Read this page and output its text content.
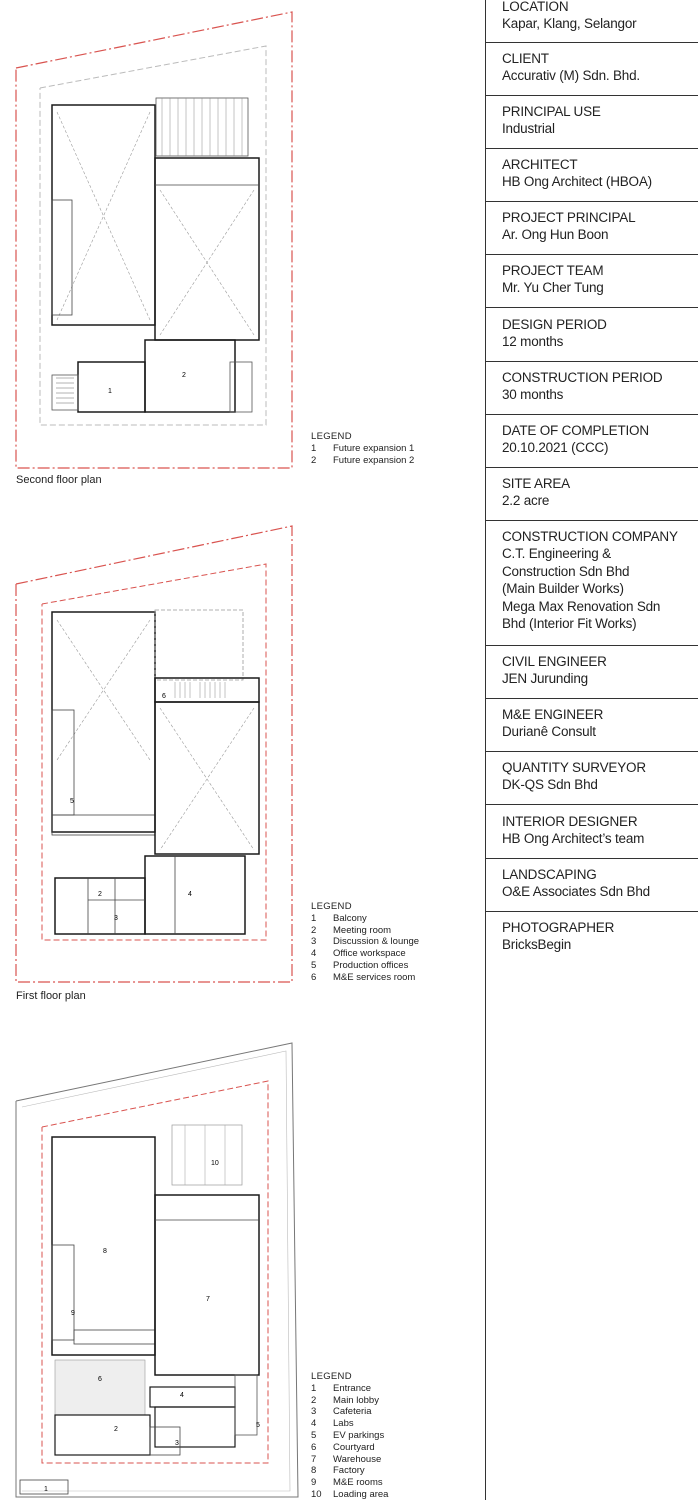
1
2
LEGEND
1	Future expansion 1
2	Future expansion 2
Second floor plan
2
3
4
5
6
LEGEND
1	Balcony
2	Meeting room
3	Discussion & lounge
4	Office workspace
5	Production offices
6	M&E services room
First floor plan
1
2
3
4
5
6
7
8
9
10
LEGEND
1	Entrance
2	Main lobby
3	Cafeteria
4	Labs
5	EV parkings
6	Courtyard
7	Warehouse
8	Factory
9	M&E rooms
10	Loading area
LOCATION
Kapar, Klang, Selangor
CLIENT
Accurativ (M) Sdn. Bhd.
PRINCIPAL USE
Industrial
ARCHITECT
HB Ong Architect (HBOA)
PROJECT PRINCIPAL
Ar. Ong Hun Boon
PROJECT TEAM
Mr. Yu Cher Tung
DESIGN PERIOD
12 months
CONSTRUCTION PERIOD
30 months
DATE OF COMPLETION
20.10.2021 (CCC)
SITE AREA
2.2 acre
CONSTRUCTION COMPANY
C.T. Engineering &
Construction Sdn Bhd
(Main Builder Works)
Mega Max Renovation Sdn
Bhd (Interior Fit Works)
CIVIL ENGINEER
JEN Jurunding
M&E ENGINEER
Durianê Consult
QUANTITY SURVEYOR
DK-QS Sdn Bhd
INTERIOR DESIGNER
HB Ong Architect’s team
LANDSCAPING
O&E Associates Sdn Bhd
PHOTOGRAPHER
BricksBegin
